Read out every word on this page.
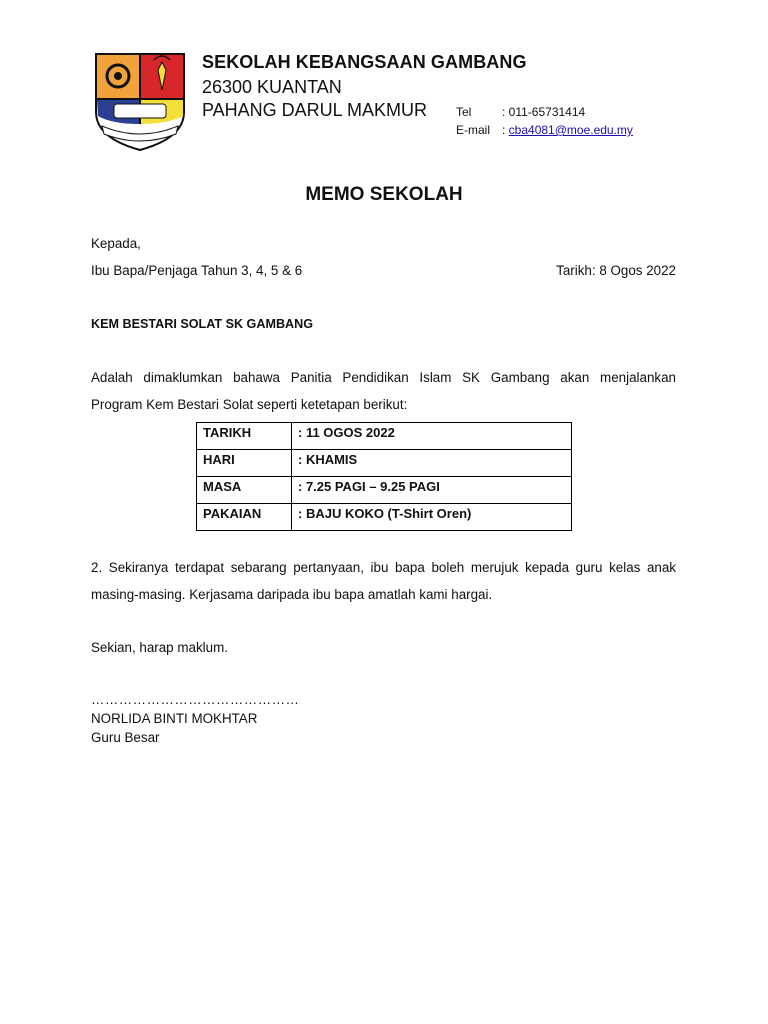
SEKOLAH KEBANGSAAN GAMBANG
26300 KUANTAN
PAHANG DARUL MAKMUR Tel	: 011-65731414
E-mail : cba4081@moe.edu.my
MEMO SEKOLAH
Kepada,
Ibu Bapa/Penjaga Tahun 3, 4, 5 & 6	Tarikh: 8 Ogos 2022
KEM BESTARI SOLAT SK GAMBANG
Adalah dimaklumkan bahawa Panitia Pendidikan Islam SK Gambang akan menjalankan
Program Kem Bestari Solat seperti ketetapan berikut:
TARIKH	: 11 OGOS 2022
HARI	: KHAMIS
MASA	: 7.25 PAGI – 9.25 PAGI
PAKAIAN	: BAJU KOKO (T-Shirt Oren)
2. Sekiranya terdapat sebarang pertanyaan, ibu bapa boleh merujuk kepada guru kelas anak
masing-masing. Kerjasama daripada ibu bapa amatlah kami hargai.
Sekian, harap maklum.
………………………………………
NORLIDA BINTI MOKHTAR
Guru Besar
